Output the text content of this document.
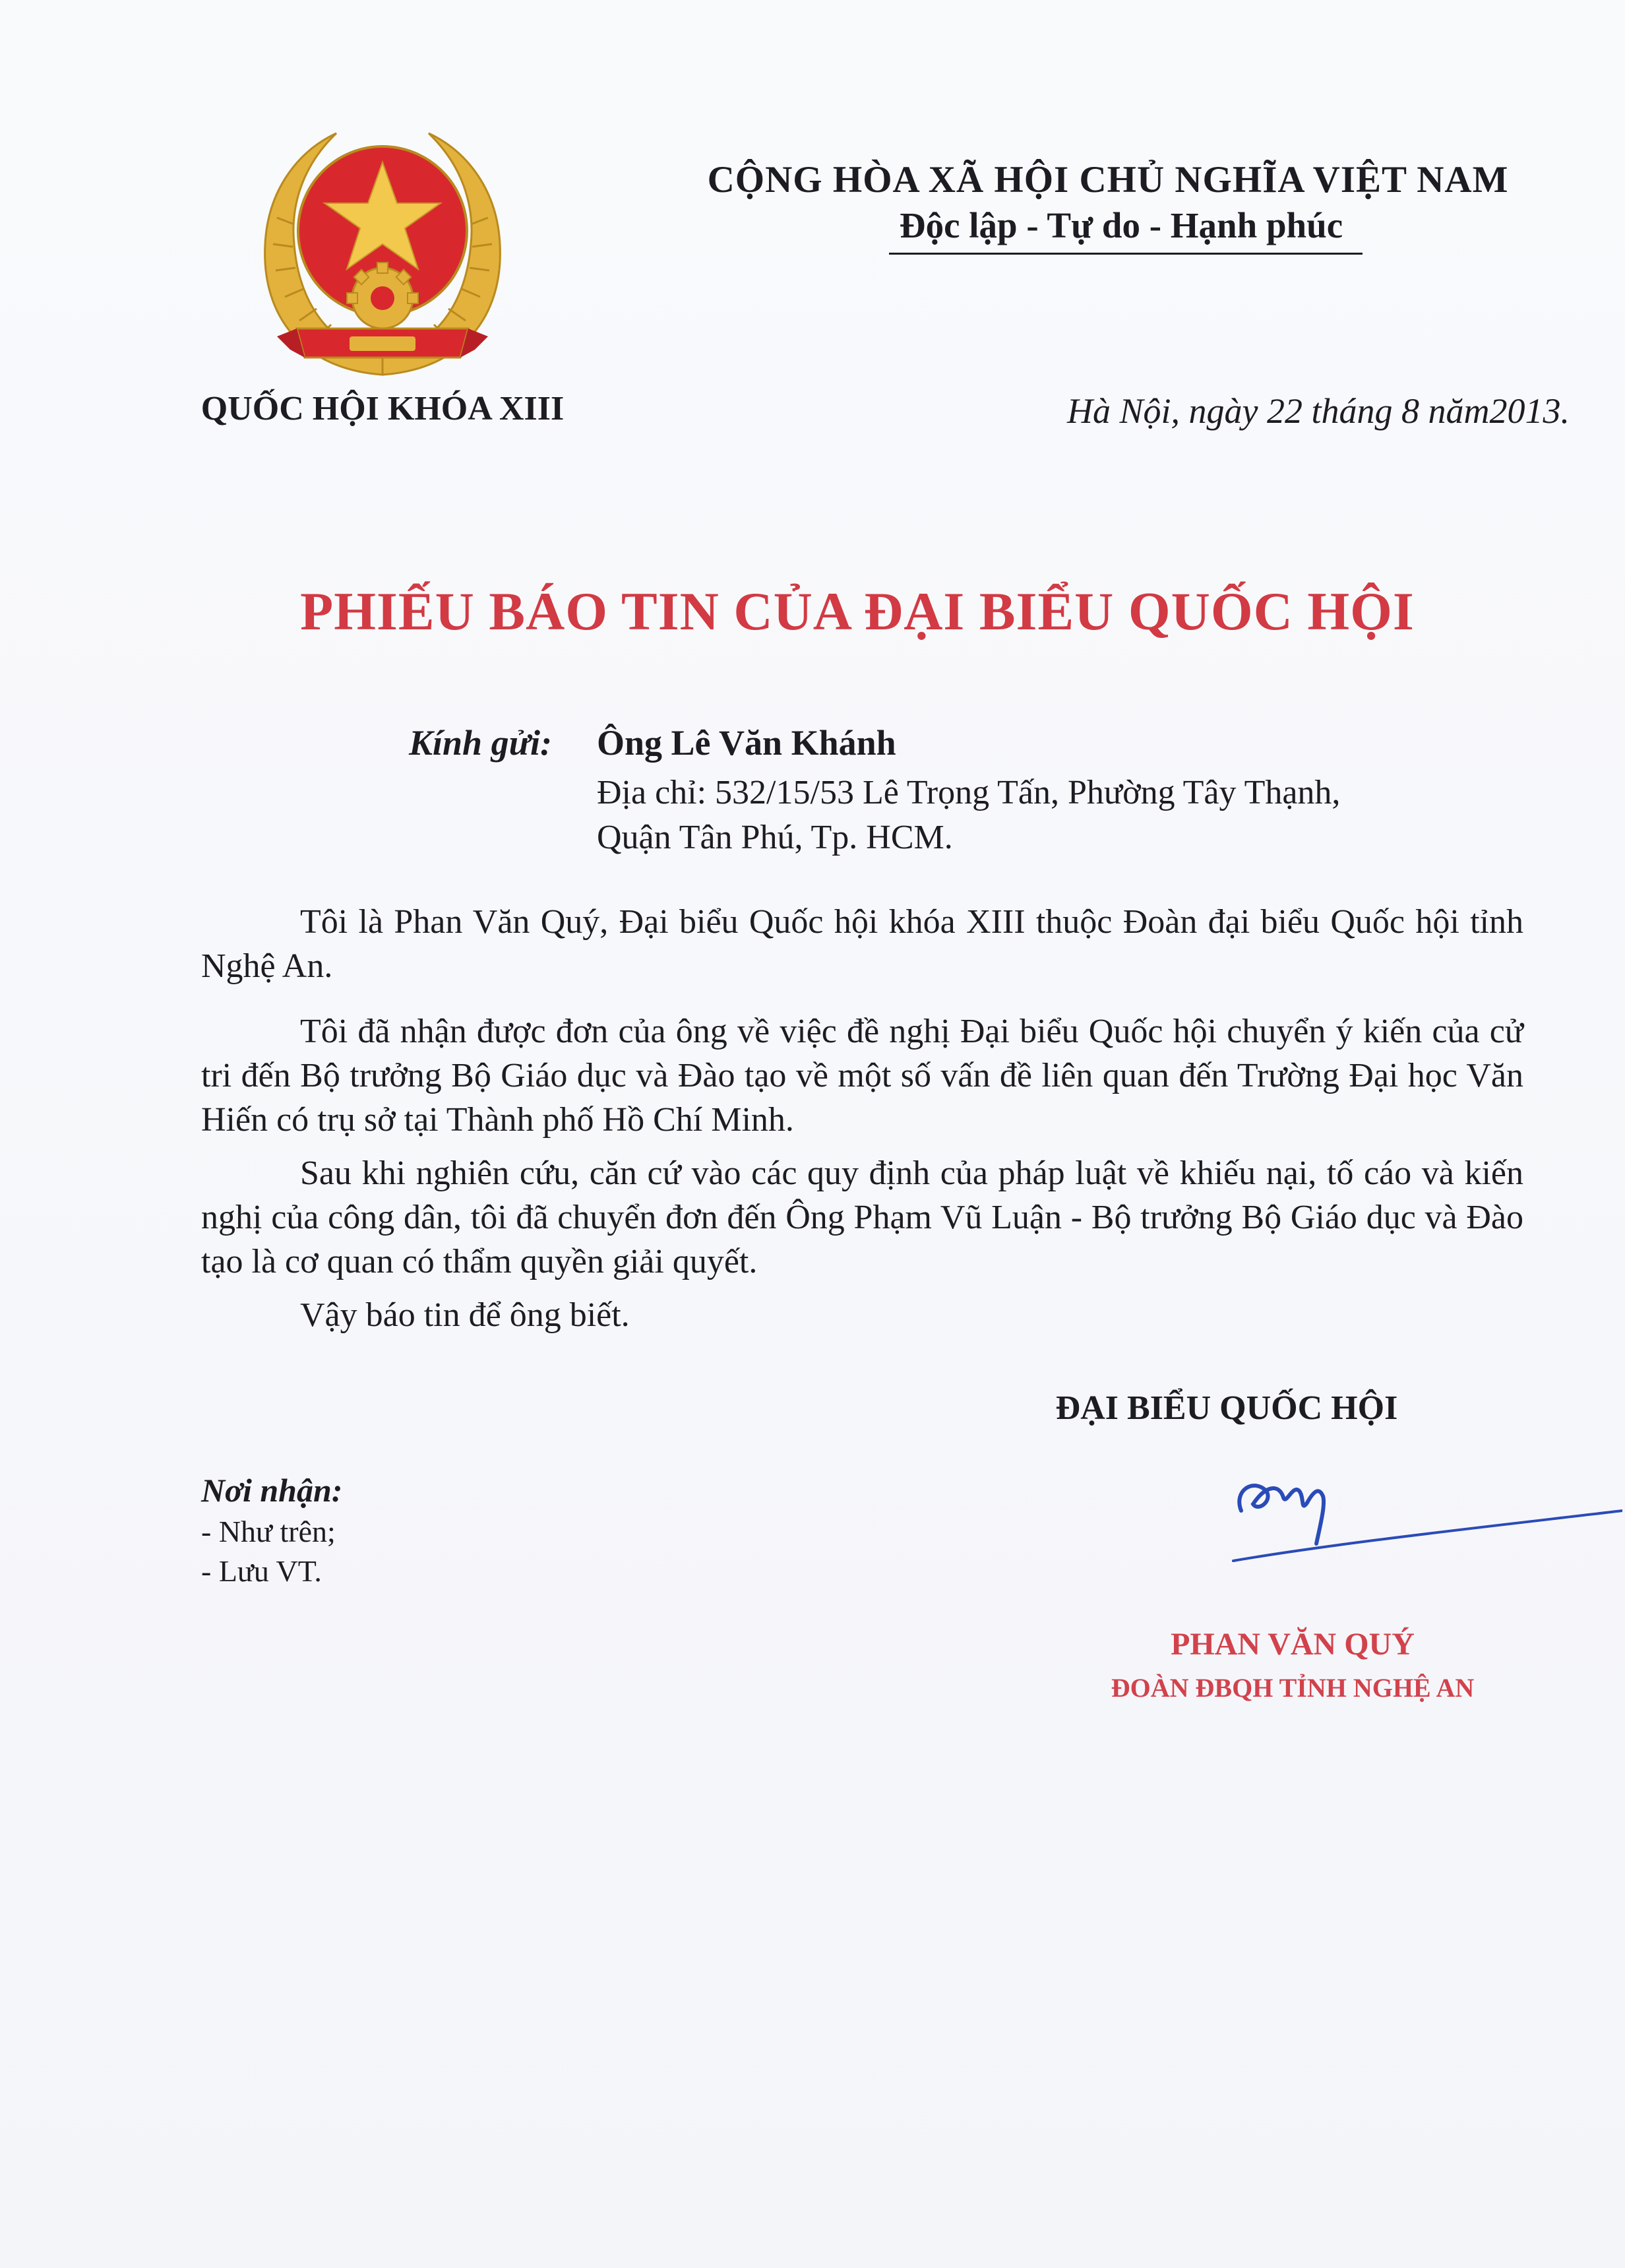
CỘNG HÒA XÃ HỘI CHỦ NGHĨA VIỆT NAM
Độc lập - Tự do - Hạnh phúc
QUỐC HỘI KHÓA XIII	Hà Nội, ngày 22 tháng 8 năm2013.
PHIẾU BÁO TIN CỦA ĐẠI BIỂU QUỐC HỘI
Kính gửi:	Ông Lê Văn Khánh
Địa chỉ: 532/15/53 Lê Trọng Tấn, Phường Tây Thạnh,
Quận Tân Phú, Tp. HCM.
Tôi là Phan Văn Quý, Đại biểu Quốc hội khóa XIII thuộc Đoàn đại biểu Quốc hội tỉnh Nghệ An.
Tôi đã nhận được đơn của ông về việc đề nghị Đại biểu Quốc hội chuyển ý kiến của cử tri đến Bộ trưởng Bộ Giáo dục và Đào tạo về một số vấn đề liên quan đến Trường Đại học Văn Hiến có trụ sở tại Thành phố Hồ Chí Minh.
Sau khi nghiên cứu, căn cứ vào các quy định của pháp luật về khiếu nại, tố cáo và kiến nghị của công dân, tôi đã chuyển đơn đến Ông Phạm Vũ Luận - Bộ trưởng Bộ Giáo dục và Đào tạo là cơ quan có thẩm quyền giải quyết.
Vậy báo tin để ông biết.
ĐẠI BIỂU QUỐC HỘI
PHAN VĂN QUÝ
ĐOÀN ĐBQH TỈNH NGHỆ AN
Nơi nhận:
- Như trên;
- Lưu VT.
